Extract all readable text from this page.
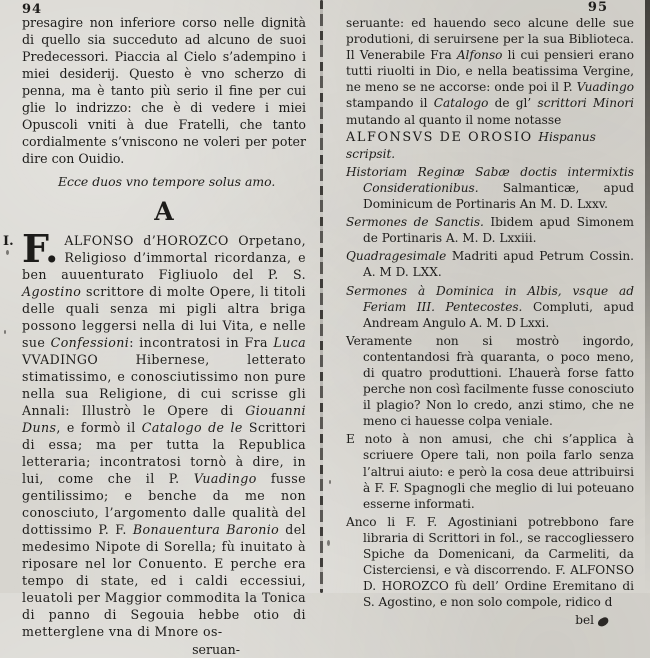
94

presagire non inferiore corso nelle dignità di quello sia succeduto ad alcuno de suoi Predecessori. Piaccia al Cielo s’adempino i miei desiderij. Questo è vno scherzo di penna, ma è tanto più serio il fine per cui glie lo indrizzo: che è di vedere i miei Opuscoli vniti à due Fratelli, che tanto cordialmente s’vniscono ne voleri per poter dire con Ouidio.

Ecce duos vno tempore solus amo.

A
I. F. ALFONSO d’HOROZCO Orpetano, Religioso d’immortal ricordanza, e ben auuenturato Figliuolo del P. S. Agostino scrittore di molte Opere, li titoli delle quali senza mi pigli altra briga possono leggersi nella di lui Vita, e nelle sue Confessioni: incontratosi in Fra Luca VVADINGO Hibernese, letterato stimatissimo, e conosciutissimo non pure nella sua Religione, di cui scrisse gli Annali: Illustrò le Opere di Giouanni Duns, e formò il Catalogo de le Scrittori di essa; ma per tutta la Republica letteraria; incontratosi tornò à dire, in lui, come che il P. Vuadingo fusse gentilissimo; e benche da me non conosciuto, l’argomento dalle qualità del dottissimo P. F. Bonauentura Baronio del medesimo Nipote di Sorella; fù inuitato à riposare nel lor Conuento. E perche era tempo di state, ed i caldi eccessiui, leuatoli per Maggior commodita la Tonica di panno di Segouia hebbe otio di metterglene vna di Mnore os-

seruan-

95

seruante: ed hauendo seco alcune delle sue produtioni, di seruirsene per la sua Biblioteca. Il Venerabile Fra Alfonso li cui pensieri erano tutti riuolti in Dio, e nella beatissima Vergine, ne meno se ne accorse: onde poi il P. Vuadingo stampando il Catalogo de gl’ scrittori Minori mutando al quanto il nome notasse

ALFONSVS DE OROSIO Hispanus scripsit.

Historiam Reginæ Sabæ doctis intermixtis Considerationibus. Salmanticæ, apud Dominicum de Portinaris An M. D. Lxxv.

Sermones de Sanctis. Ibidem apud Simonem de Portinaris A. M. D. Lxxiii.

Quadragesimale Madriti apud Petrum Cossin. A. M D. LXX.

Sermones à Dominica in Albis, vsque ad Feriam III. Pentecostes. Compluti, apud Andream Angulo A. M. D Lxxi.

Veramente non si mostrò ingordo, contentandosi frà quaranta, o poco meno, di quatro produttioni. L’hauerà forse fatto perche non così facilmente fusse conosciuto il plagio? Non lo credo, anzi stimo, che ne meno ci hauesse colpa veniale.

E noto à non amusi, che chi s’applica à scriuere Opere tali, non poila farlo senza l’altrui aiuto: e però la cosa deue attribuirsi à F. F. Spagnogli che meglio di lui poteuano esserne informati.

Anco li F. F. Agostiniani potrebbono fare libraria di Scrittori in fol., se raccogliessero Spiche da Domenicani, da Carmeliti, da Cisterciensi, e và discorrendo. F. ALFONSO D. HOROZCO fù dell’ Ordine Eremitano di S. Agostino, e non solo compole, ridico d

bel
